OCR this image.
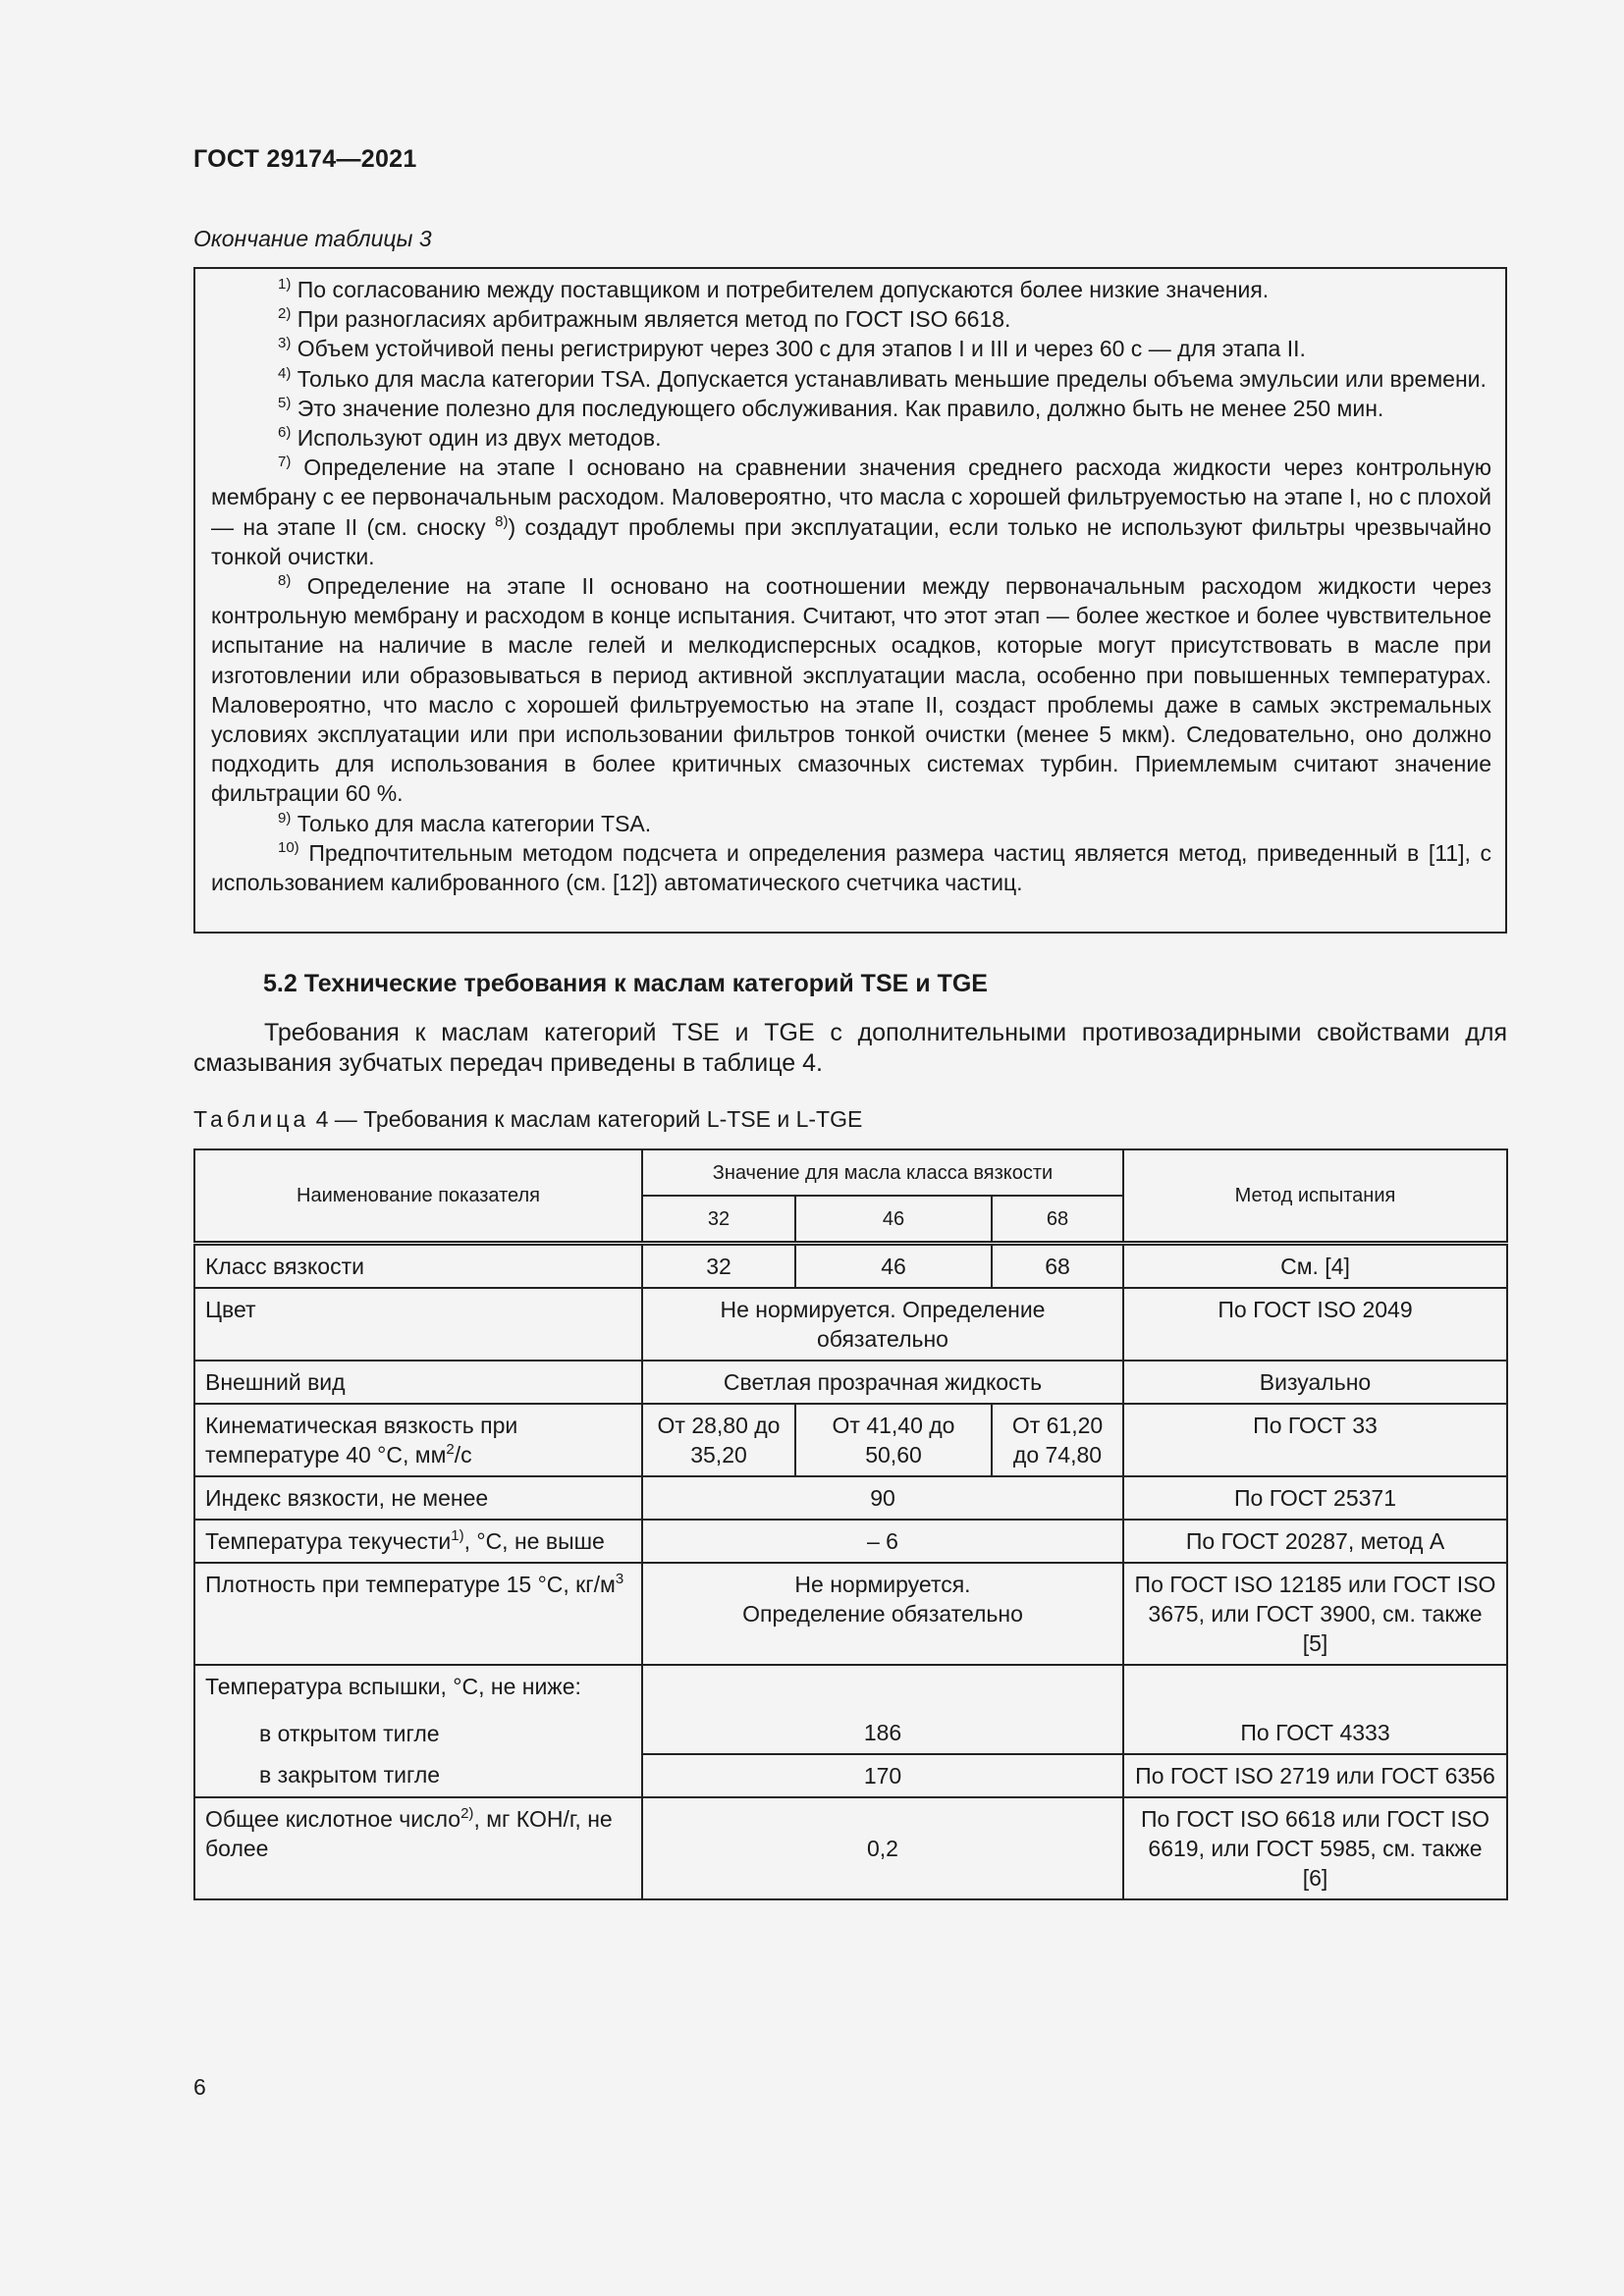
ГОСТ 29174—2021
Окончание таблицы 3
$^{1)}$ По согласованию между поставщиком и потребителем допускаются более низкие значения.
$^{2)}$ При разногласиях арбитражным является метод по ГОСТ ISO 6618.
$^{3)}$ Объем устойчивой пены регистрируют через 300 с для этапов I и III и через 60 с — для этапа II.
$^{4)}$ Только для масла категории TSA. Допускается устанавливать меньшие пределы объема эмульсии или времени.
$^{5)}$ Это значение полезно для последующего обслуживания. Как правило, должно быть не менее 250 мин.
$^{6)}$ Используют один из двух методов.
$^{7)}$ Определение на этапе I основано на сравнении значения среднего расхода жидкости через контрольную мембрану с ее первоначальным расходом. Маловероятно, что масла с хорошей фильтруемостью на этапе I, но с плохой — на этапе II (см. сноску $^{8)}$) создадут проблемы при эксплуатации, если только не используют фильтры чрезвычайно тонкой очистки.
$^{8)}$ Определение на этапе II основано на соотношении между первоначальным расходом жидкости через контрольную мембрану и расходом в конце испытания. Считают, что этот этап — более жесткое и более чувствительное испытание на наличие в масле гелей и мелкодисперсных осадков, которые могут присутствовать в масле при изготовлении или образовываться в период активной эксплуатации масла, особенно при повышенных температурах. Маловероятно, что масло с хорошей фильтруемостью на этапе II, создаст проблемы даже в самых экстремальных условиях эксплуатации или при использовании фильтров тонкой очистки (менее 5 мкм). Следовательно, оно должно подходить для использования в более критичных смазочных системах турбин. Приемлемым считают значение фильтрации 60 %.
$^{9)}$ Только для масла категории TSA.
$^{10)}$ Предпочтительным методом подсчета и определения размера частиц является метод, приведенный в [11], с использованием калиброванного (см. [12]) автоматического счетчика частиц.
5.2 Технические требования к маслам категорий TSE и TGE
Требования к маслам категорий TSE и TGE с дополнительными противозадирными свойствами для смазывания зубчатых передач приведены в таблице 4.
Таблица 4 — Требования к маслам категорий L-TSE и L-TGE
Наименование показателя	Значение для масла класса вязкости			Метод испытания
	32	46	68	
Класс вязкости	32	46	68	См. [4]
Цвет	Не нормируется. Определение обязательно			По ГОСТ ISO 2049
Внешний вид	Светлая прозрачная жидкость			Визуально
Кинематическая вязкость при температуре 40 °С, $мм^2/с$	От 28,80 до 35,20	От 41,40 до 50,60	От 61,20 до 74,80	По ГОСТ 33
Индекс вязкости, не менее	90			По ГОСТ 25371
Температура текучести$^{1)}$, °С, не выше	– 6			По ГОСТ 20287, метод А
Плотность при температуре 15 °С, $кг/м^3$	Не нормируется. Определение обязательно			По ГОСТ ISO 12185 или ГОСТ ISO 3675, или ГОСТ 3900, см. также [5]
Температура вспышки, °С, не ниже:
в открытом тигле	186			По ГОСТ 4333

в закрытом тигле	170			По ГОСТ ISO 2719 или ГОСТ 6356
Общее кислотное число$^{2)}$, мг КОН/г, не более	0,2			По ГОСТ ISO 6618 или ГОСТ ISO 6619, или ГОСТ 5985, см. также [6]
6
